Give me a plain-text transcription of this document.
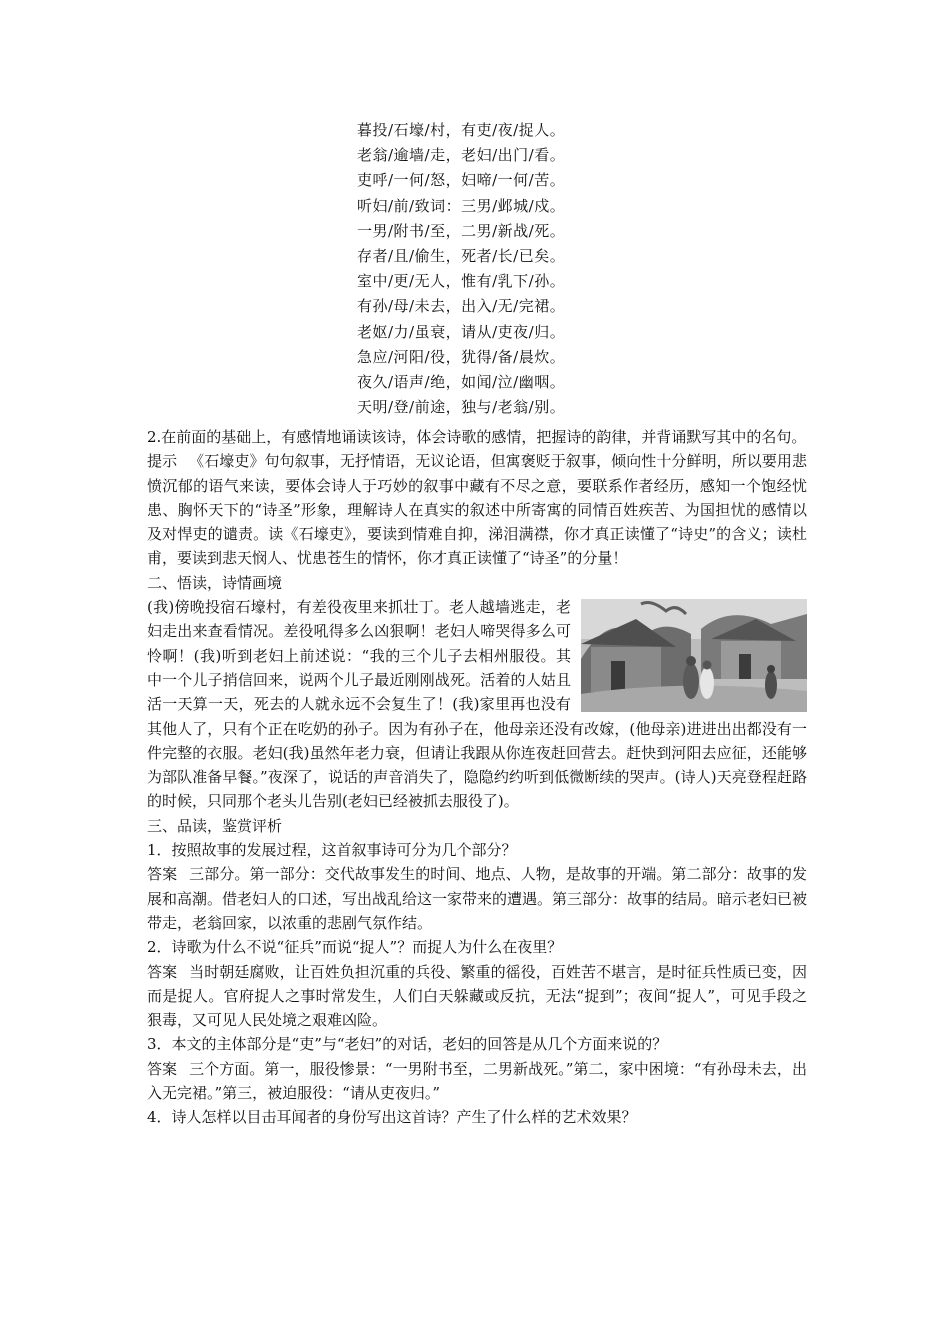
暮投/石壕/村，有吏/夜/捉人。
老翁/逾墙/走，老妇/出门/看。
吏呼/一何/怒，妇啼/一何/苦。
听妇/前/致词：三男/邺城/戍。
一男/附书/至，二男/新战/死。
存者/且/偷生，死者/长/已矣。
室中/更/无人，惟有/乳下/孙。
有孙/母/未去，出入/无/完裙。
老妪/力/虽衰，请从/吏夜/归。
急应/河阳/役，犹得/备/晨炊。
夜久/语声/绝，如闻/泣/幽咽。
天明/登/前途，独与/老翁/别。

2.在前面的基础上，有感情地诵读该诗，体会诗歌的感情，把握诗的韵律，并背诵默写其中的名句。

提示 《石壕吏》句句叙事，无抒情语，无议论语，但寓褒贬于叙事，倾向性十分鲜明，所以要用悲愤沉郁的语气来读，要体会诗人于巧妙的叙事中藏有不尽之意，要联系作者经历，感知一个饱经忧患、胸怀天下的“诗圣”形象，理解诗人在真实的叙述中所寄寓的同情百姓疾苦、为国担忧的感情以及对悍吏的谴责。读《石壕吏》，要读到情难自抑，涕泪满襟，你才真正读懂了“诗史”的含义；读杜甫，要读到悲天悯人、忧患苍生的情怀，你才真正读懂了“诗圣”的分量！

二、悟读，诗情画境

(我)傍晚投宿石壕村，有差役夜里来抓壮丁。老人越墙逃走，老妇走出来查看情况。差役吼得多么凶狠啊！老妇人啼哭得多么可怜啊！(我)听到老妇上前述说：“我的三个儿子去相州服役。其中一个儿子捎信回来，说两个儿子最近刚刚战死。活着的人姑且活一天算一天，死去的人就永远不会复生了！(我)家里再也没有其他人了，只有个正在吃奶的孙子。因为有孙子在，他母亲还没有改嫁，(他母亲)进进出出都没有一件完整的衣服。老妇(我)虽然年老力衰，但请让我跟从你连夜赶回营去。赶快到河阳去应征，还能够为部队准备早餐。”夜深了，说话的声音消失了，隐隐约约听到低微断续的哭声。(诗人)天亮登程赶路的时候，只同那个老头儿告别(老妇已经被抓去服役了)。

三、品读，鉴赏评析

1．按照故事的发展过程，这首叙事诗可分为几个部分？

答案 三部分。第一部分：交代故事发生的时间、地点、人物，是故事的开端。第二部分：故事的发展和高潮。借老妇人的口述，写出战乱给这一家带来的遭遇。第三部分：故事的结局。暗示老妇已被带走，老翁回家，以浓重的悲剧气氛作结。

2．诗歌为什么不说“征兵”而说“捉人”？而捉人为什么在夜里？

答案 当时朝廷腐败，让百姓负担沉重的兵役、繁重的徭役，百姓苦不堪言，是时征兵性质已变，因而是捉人。官府捉人之事时常发生，人们白天躲藏或反抗，无法“捉到”；夜间“捉人”，可见手段之狠毒，又可见人民处境之艰难凶险。

3．本文的主体部分是“吏”与“老妇”的对话，老妇的回答是从几个方面来说的？

答案 三个方面。第一，服役惨景：“一男附书至，二男新战死。”第二，家中困境：“有孙母未去，出入无完裙。”第三，被迫服役：“请从吏夜归。”

4．诗人怎样以目击耳闻者的身份写出这首诗？产生了什么样的艺术效果？
